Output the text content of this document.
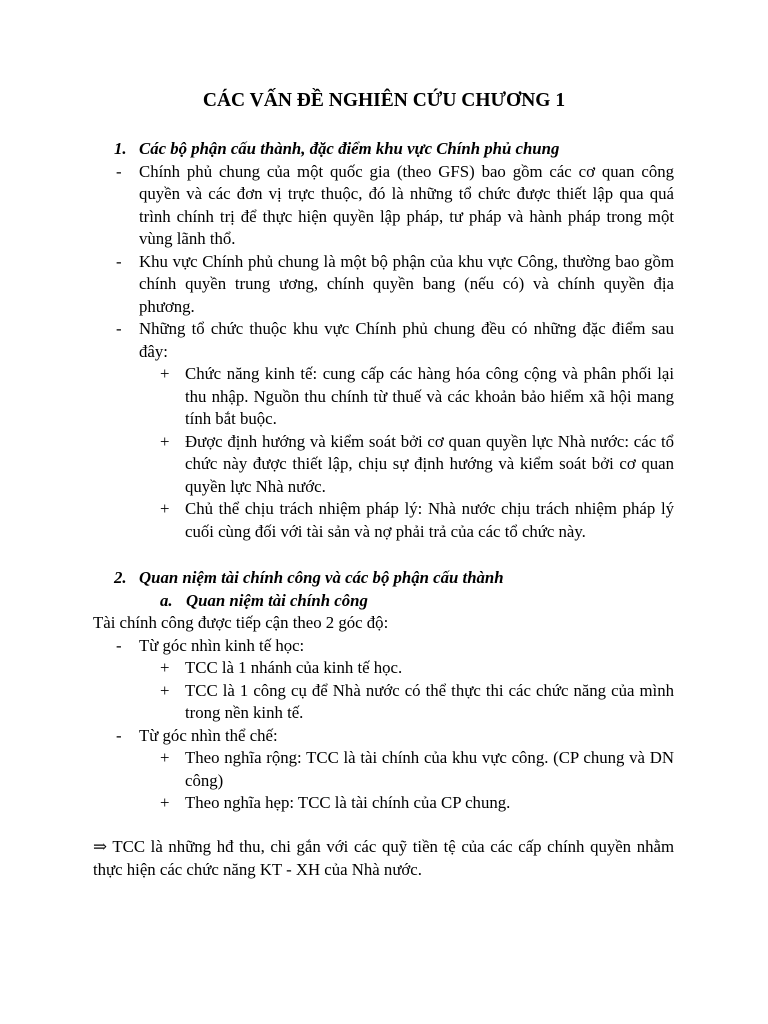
CÁC VẤN ĐỀ NGHIÊN CỨU CHƯƠNG 1
1. Các bộ phận cấu thành, đặc điểm khu vực Chính phủ chung
- Chính phủ chung của một quốc gia (theo GFS) bao gồm các cơ quan công quyền và các đơn vị trực thuộc, đó là những tổ chức được thiết lập qua quá trình chính trị để thực hiện quyền lập pháp, tư pháp và hành pháp trong một vùng lãnh thổ.
- Khu vực Chính phủ chung là một bộ phận của khu vực Công, thường bao gồm chính quyền trung ương, chính quyền bang (nếu có) và chính quyền địa phương.
- Những tổ chức thuộc khu vực Chính phủ chung đều có những đặc điểm sau đây:
+ Chức năng kinh tế: cung cấp các hàng hóa công cộng và phân phối lại thu nhập. Nguồn thu chính từ thuế và các khoản bảo hiểm xã hội mang tính bắt buộc.
+ Được định hướng và kiểm soát bởi cơ quan quyền lực Nhà nước: các tổ chức này được thiết lập, chịu sự định hướng và kiểm soát bởi cơ quan quyền lực Nhà nước.
+ Chủ thể chịu trách nhiệm pháp lý: Nhà nước chịu trách nhiệm pháp lý cuối cùng đối với tài sản và nợ phải trả của các tổ chức này.
2. Quan niệm tài chính công và các bộ phận cấu thành
a. Quan niệm tài chính công
Tài chính công được tiếp cận theo 2 góc độ:
- Từ góc nhìn kinh tế học:
+ TCC là 1 nhánh của kinh tế học.
+ TCC là 1 công cụ để Nhà nước có thể thực thi các chức năng của mình trong nền kinh tế.
- Từ góc nhìn thể chế:
+ Theo nghĩa rộng: TCC là tài chính của khu vực công. (CP chung và DN công)
+ Theo nghĩa hẹp: TCC là tài chính của CP chung.
⇒ TCC là những hđ thu, chi gắn với các quỹ tiền tệ của các cấp chính quyền nhằm thực hiện các chức năng KT - XH của Nhà nước.
